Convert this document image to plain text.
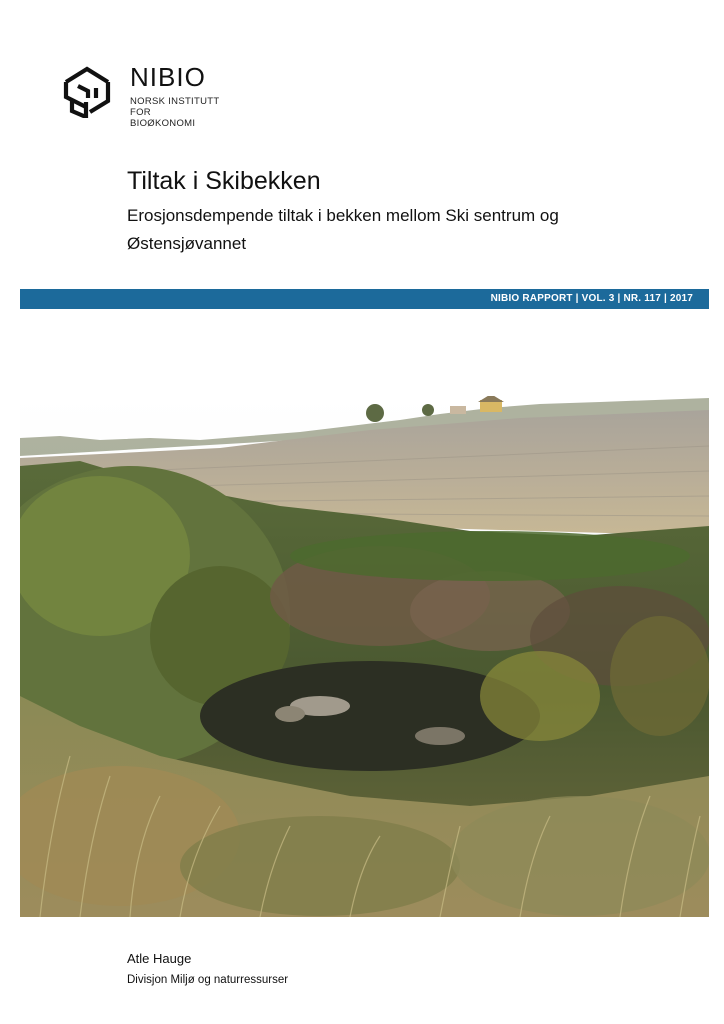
NIBIO
NORSK INSTITUTT FOR
BIOØKONOMI
Tiltak i Skibekken
Erosjonsdempende tiltak i bekken mellom Ski sentrum og Østensjøvannet
NIBIO RAPPORT | VOL. 3 | NR. 117 | 2017
Atle Hauge
Divisjon Miljø og naturressurser
